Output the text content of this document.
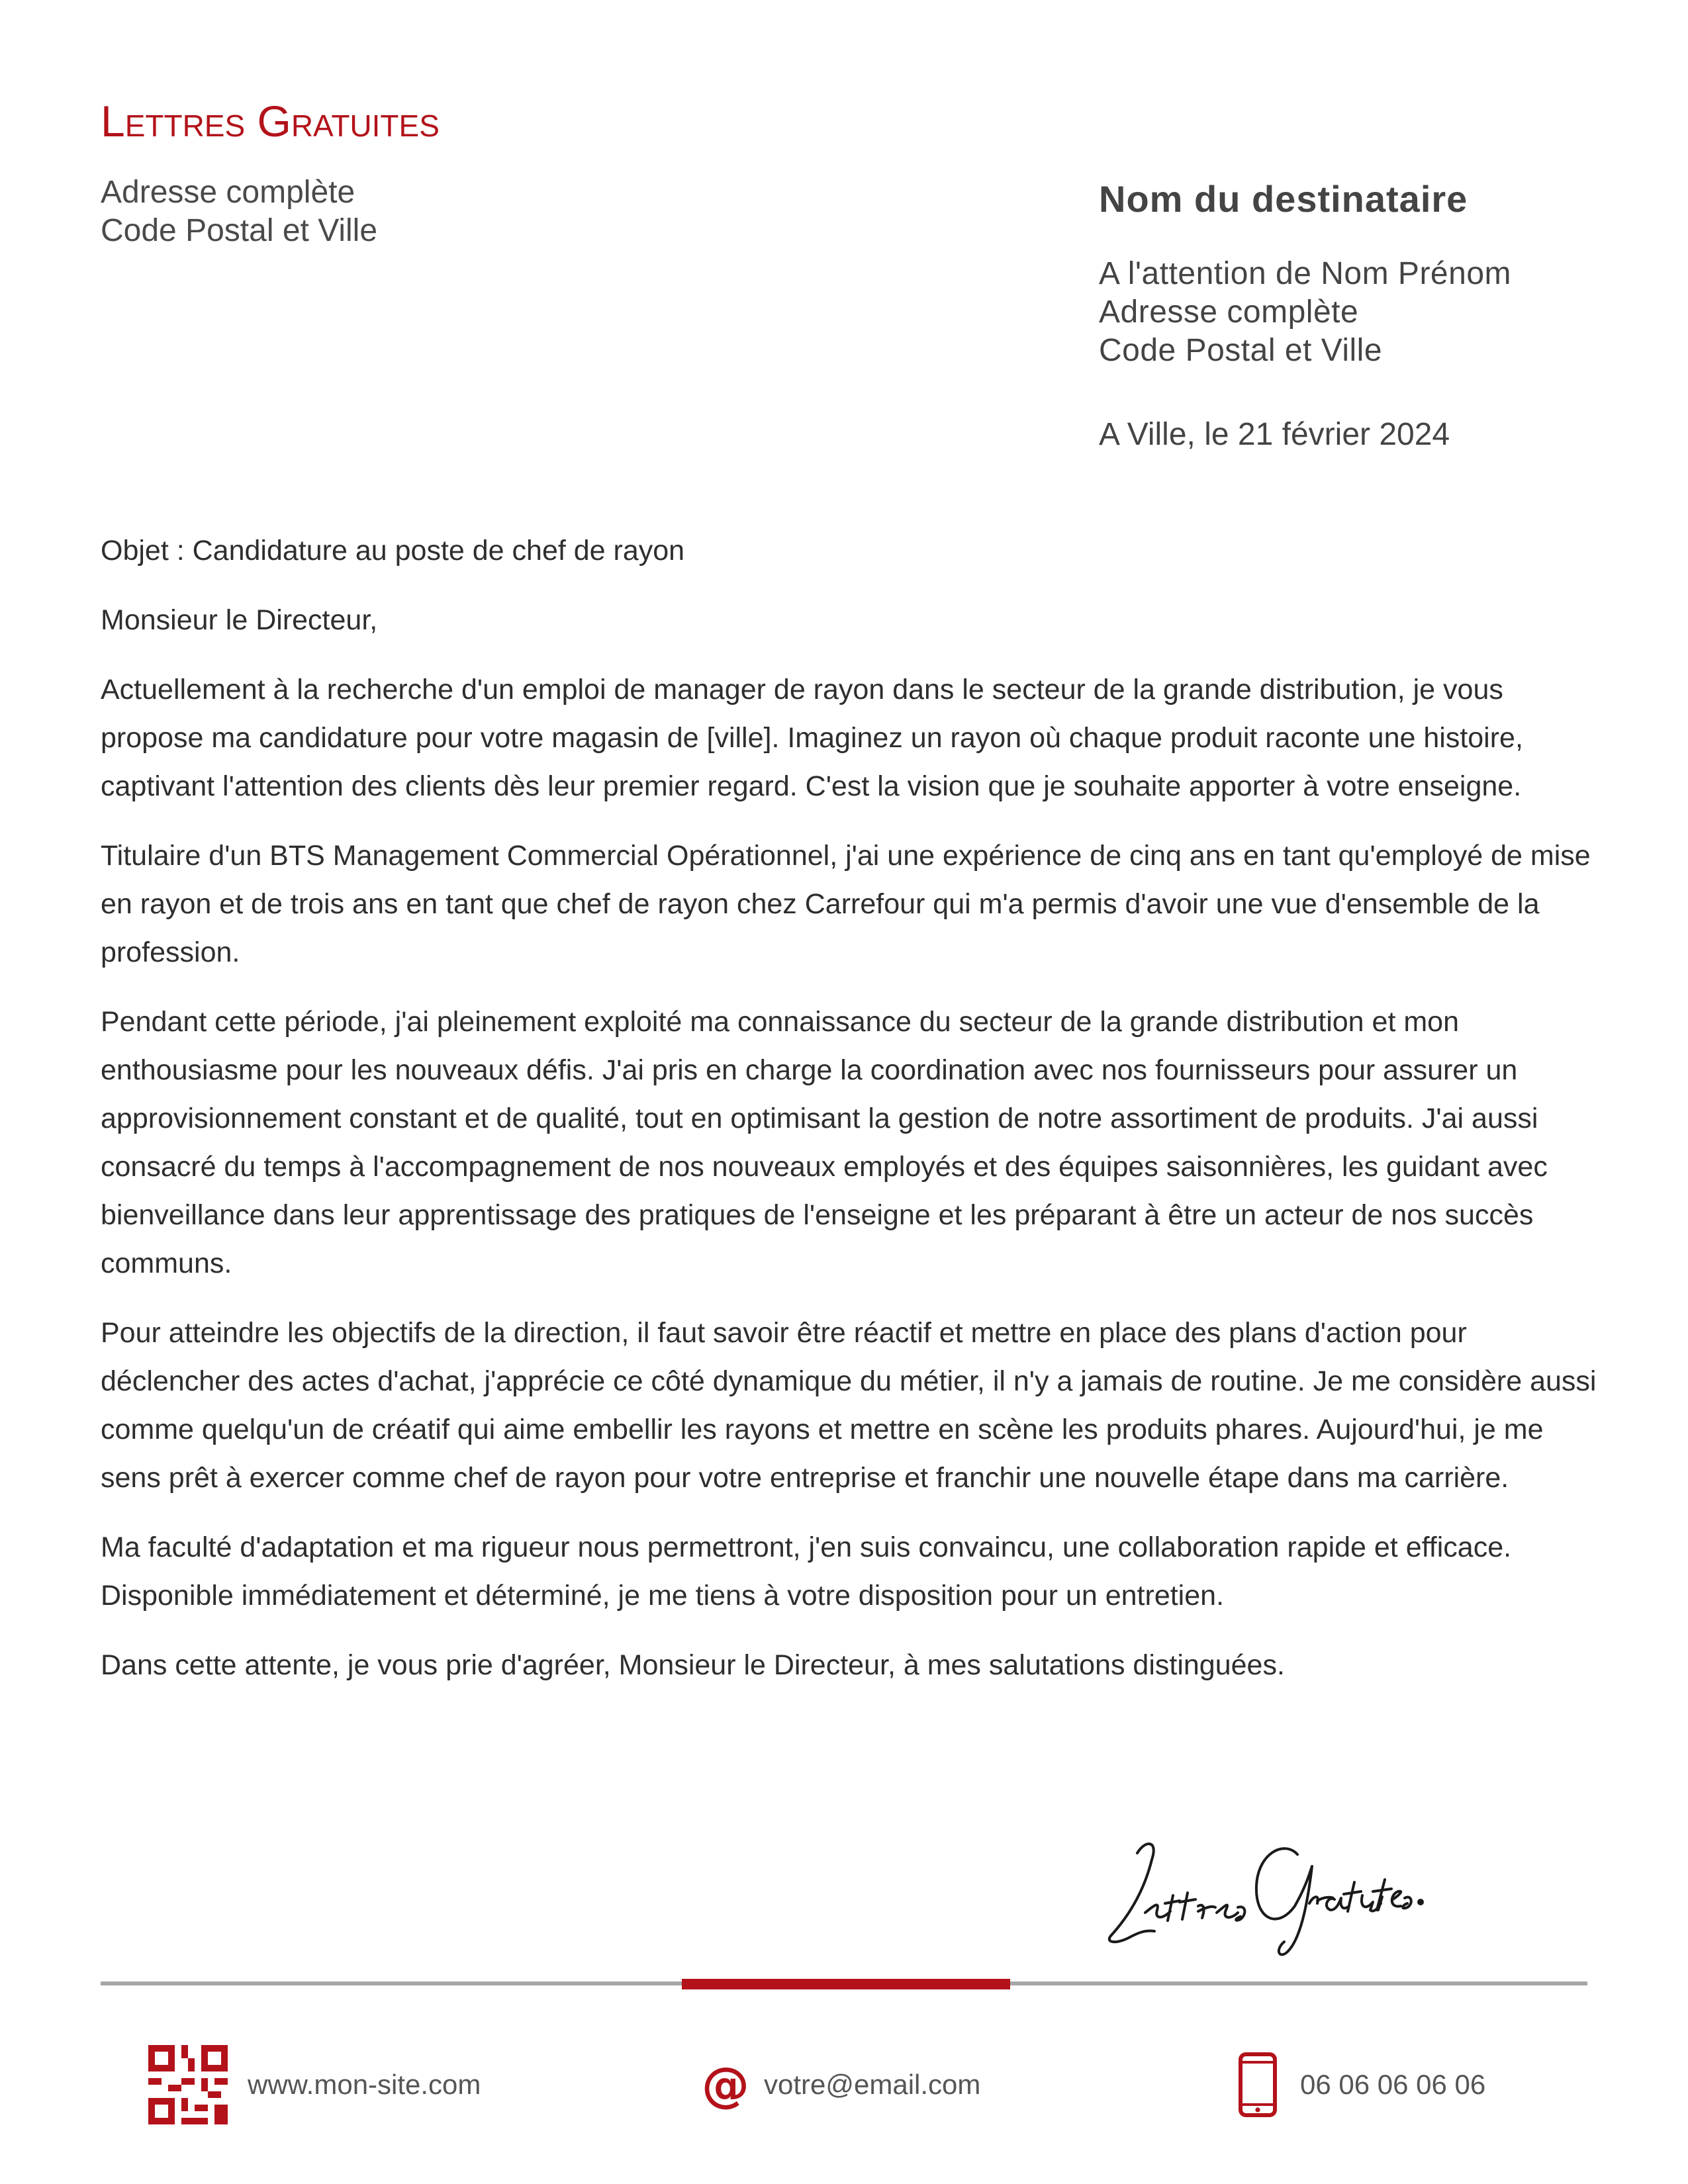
Lettres Gratuites
Adresse complète
Code Postal et Ville
Nom du destinataire
A l'attention de Nom Prénom
Adresse complète
Code Postal et Ville
A Ville, le 21 février 2024

Objet : Candidature au poste de chef de rayon

Monsieur le Directeur,

Actuellement à la recherche d'un emploi de manager de rayon dans le secteur de la grande distribution, je vous propose ma candidature pour votre magasin de [ville]. Imaginez un rayon où chaque produit raconte une histoire, captivant l'attention des clients dès leur premier regard. C'est la vision que je souhaite apporter à votre enseigne.

Titulaire d'un BTS Management Commercial Opérationnel, j'ai une expérience de cinq ans en tant qu'employé de mise en rayon et de trois ans en tant que chef de rayon chez Carrefour qui m'a permis d'avoir une vue d'ensemble de la profession.

Pendant cette période, j'ai pleinement exploité ma connaissance du secteur de la grande distribution et mon enthousiasme pour les nouveaux défis. J'ai pris en charge la coordination avec nos fournisseurs pour assurer un approvisionnement constant et de qualité, tout en optimisant la gestion de notre assortiment de produits. J'ai aussi consacré du temps à l'accompagnement de nos nouveaux employés et des équipes saisonnières, les guidant avec bienveillance dans leur apprentissage des pratiques de l'enseigne et les préparant à être un acteur de nos succès communs.

Pour atteindre les objectifs de la direction, il faut savoir être réactif et mettre en place des plans d'action pour déclencher des actes d'achat, j'apprécie ce côté dynamique du métier, il n'y a jamais de routine. Je me considère aussi comme quelqu'un de créatif qui aime embellir les rayons et mettre en scène les produits phares. Aujourd'hui, je me sens prêt à exercer comme chef de rayon pour votre entreprise et franchir une nouvelle étape dans ma carrière.

Ma faculté d'adaptation et ma rigueur nous permettront, j'en suis convaincu, une collaboration rapide et efficace. Disponible immédiatement et déterminé, je me tiens à votre disposition pour un entretien.

Dans cette attente, je vous prie d'agréer, Monsieur le Directeur, à mes salutations distinguées.

www.mon-site.com	@ votre@email.com	06 06 06 06 06
